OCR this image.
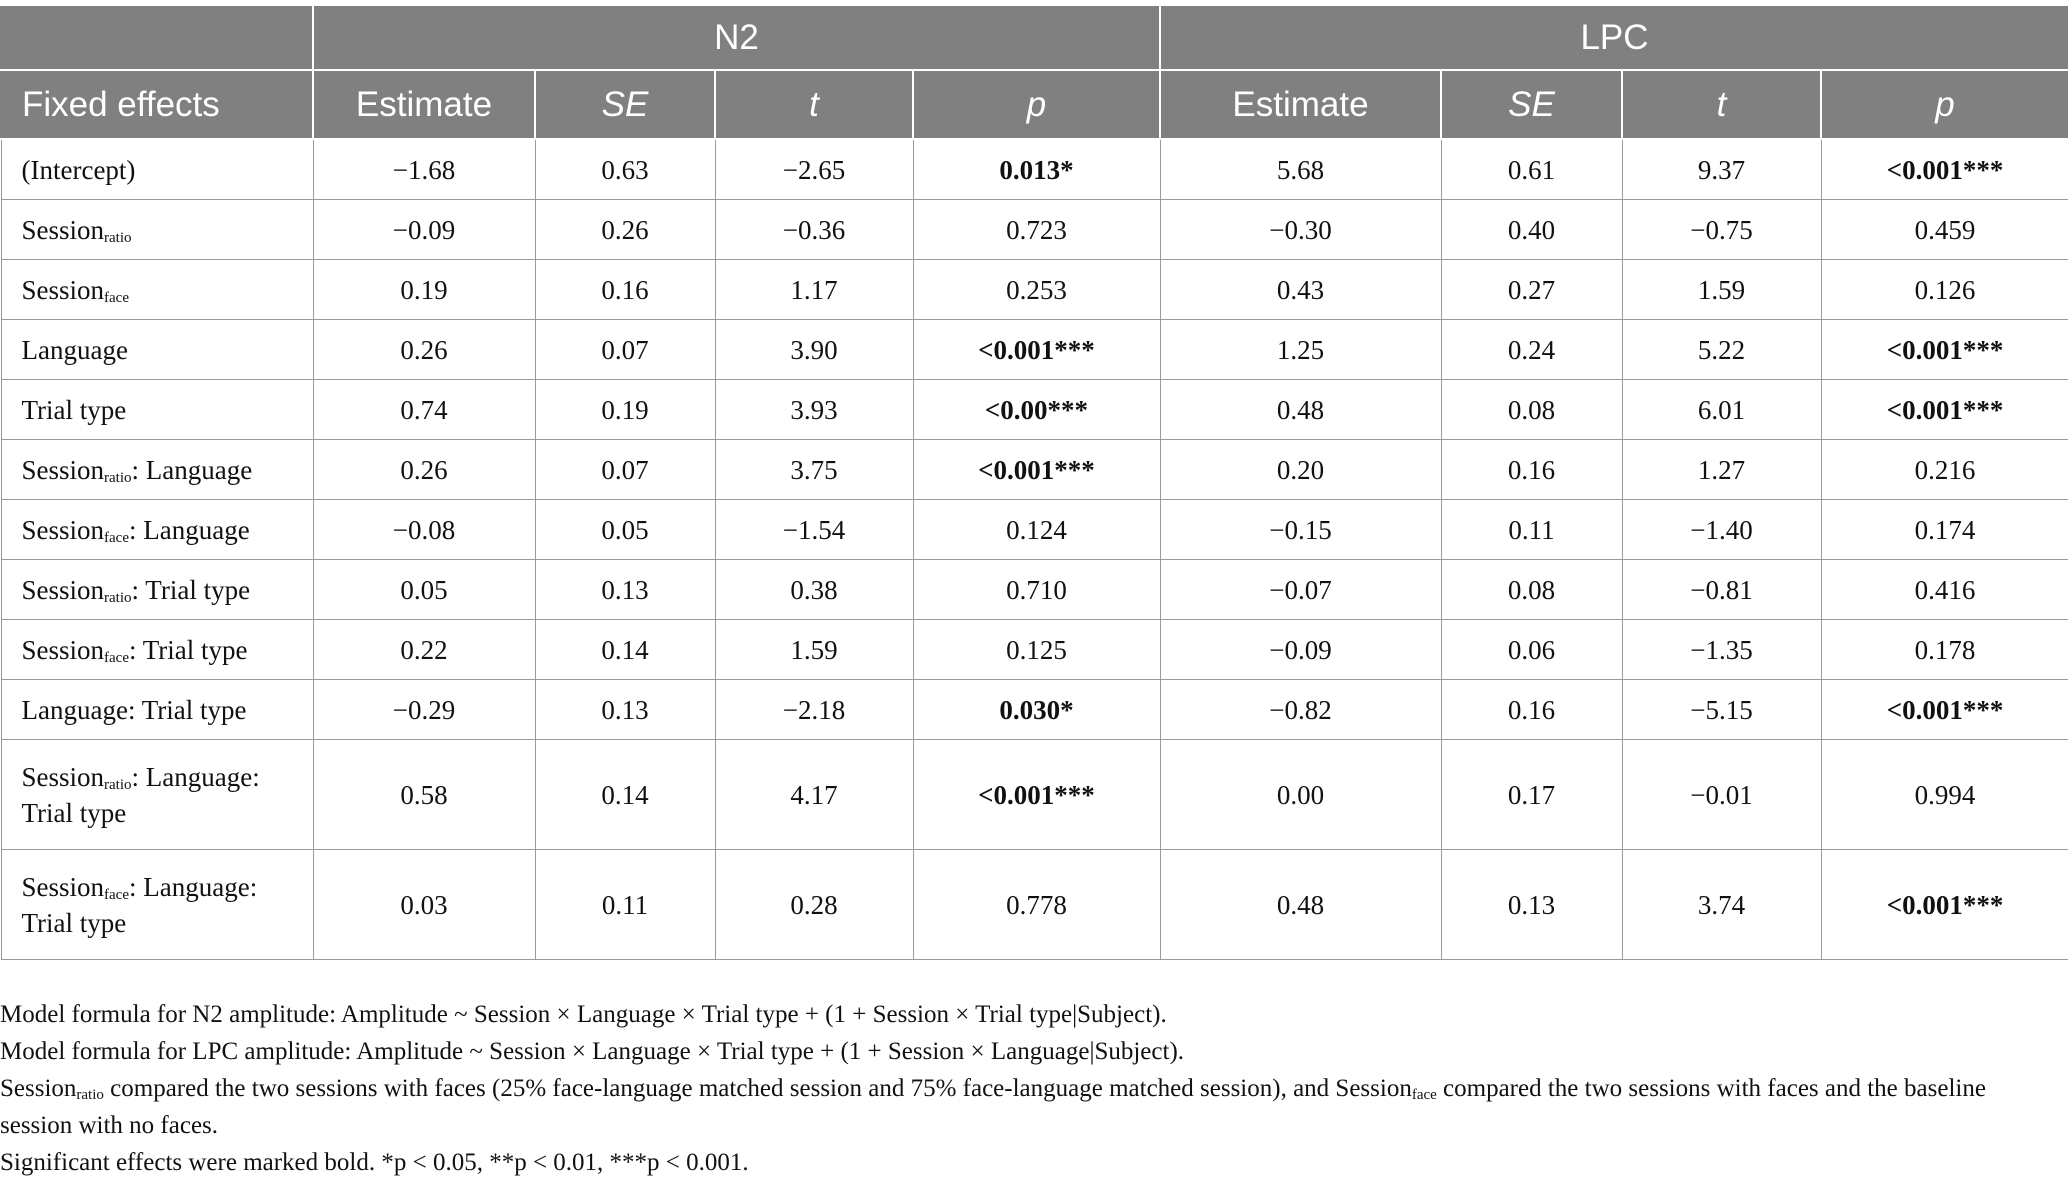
	N2				LPC			
Fixed effects	Estimate	SE	t	p	Estimate	SE	t	p
(Intercept)	−1.68	0.63	−2.65	0.013*	5.68	0.61	9.37	<0.001***
Session$_{ratio}$	−0.09	0.26	−0.36	0.723	−0.30	0.40	−0.75	0.459
Session$_{face}$	0.19	0.16	1.17	0.253	0.43	0.27	1.59	0.126
Language	0.26	0.07	3.90	<0.001***	1.25	0.24	5.22	<0.001***
Trial type	0.74	0.19	3.93	<0.00***	0.48	0.08	6.01	<0.001***
Session$_{ratio}$: Language	0.26	0.07	3.75	<0.001***	0.20	0.16	1.27	0.216
Session$_{face}$: Language	−0.08	0.05	−1.54	0.124	−0.15	0.11	−1.40	0.174
Session$_{ratio}$: Trial type	0.05	0.13	0.38	0.710	−0.07	0.08	−0.81	0.416
Session$_{face}$: Trial type	0.22	0.14	1.59	0.125	−0.09	0.06	−1.35	0.178
Language: Trial type	−0.29	0.13	−2.18	0.030*	−0.82	0.16	−5.15	<0.001***
Session$_{ratio}$: Language:
Trial type	0.58	0.14	4.17	<0.001***	0.00	0.17	−0.01	0.994
Session$_{face}$: Language:
Trial type	0.03	0.11	0.28	0.778	0.48	0.13	3.74	<0.001***

Model formula for N2 amplitude: Amplitude ~ Session × Language × Trial type + (1 + Session × Trial type|Subject).

Model formula for LPC amplitude: Amplitude ~ Session × Language × Trial type + (1 + Session × Language|Subject).

Session$_{ratio}$ compared the two sessions with faces (25% face-language matched session and 75% face-language matched session), and Session$_{face}$ compared the two sessions with faces and the baseline session with no faces.

Significant effects were marked bold. *p < 0.05, **p < 0.01, ***p < 0.001.
